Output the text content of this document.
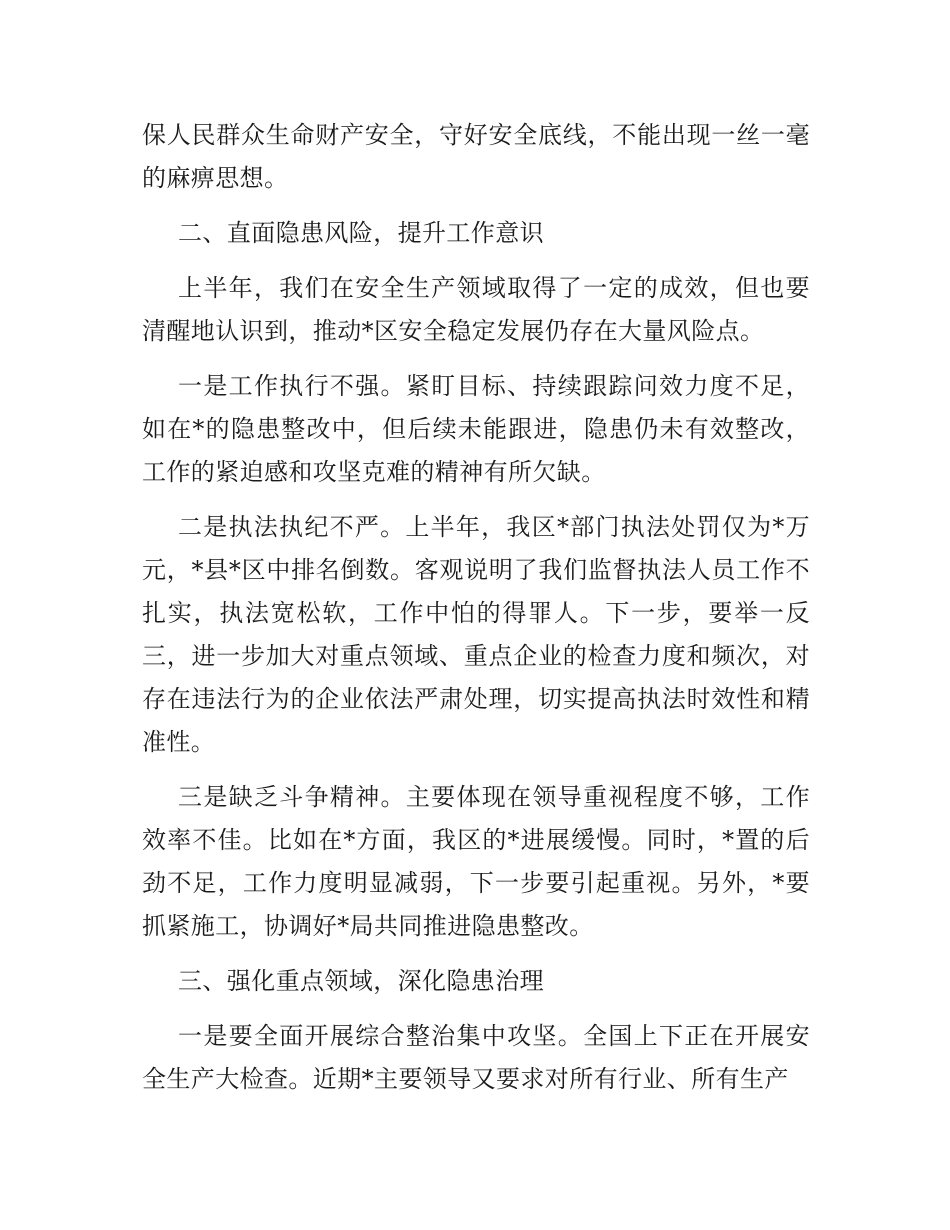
保人民群众生命财产安全，守好安全底线，不能出现一丝一毫的麻痹思想。

二、直面隐患风险，提升工作意识

上半年，我们在安全生产领域取得了一定的成效，但也要清醒地认识到，推动*区安全稳定发展仍存在大量风险点。

一是工作执行不强。紧盯目标、持续跟踪问效力度不足，如在*的隐患整改中，但后续未能跟进，隐患仍未有效整改，工作的紧迫感和攻坚克难的精神有所欠缺。

二是执法执纪不严。上半年，我区*部门执法处罚仅为*万元，*县*区中排名倒数。客观说明了我们监督执法人员工作不扎实，执法宽松软，工作中怕的得罪人。下一步，要举一反三，进一步加大对重点领域、重点企业的检查力度和频次，对存在违法行为的企业依法严肃处理，切实提高执法时效性和精准性。

三是缺乏斗争精神。主要体现在领导重视程度不够，工作效率不佳。比如在*方面，我区的*进展缓慢。同时，*置的后劲不足，工作力度明显减弱，下一步要引起重视。另外，*要抓紧施工，协调好*局共同推进隐患整改。

三、强化重点领域，深化隐患治理

一是要全面开展综合整治集中攻坚。全国上下正在开展安全生产大检查。近期*主要领导又要求对所有行业、所有生产
